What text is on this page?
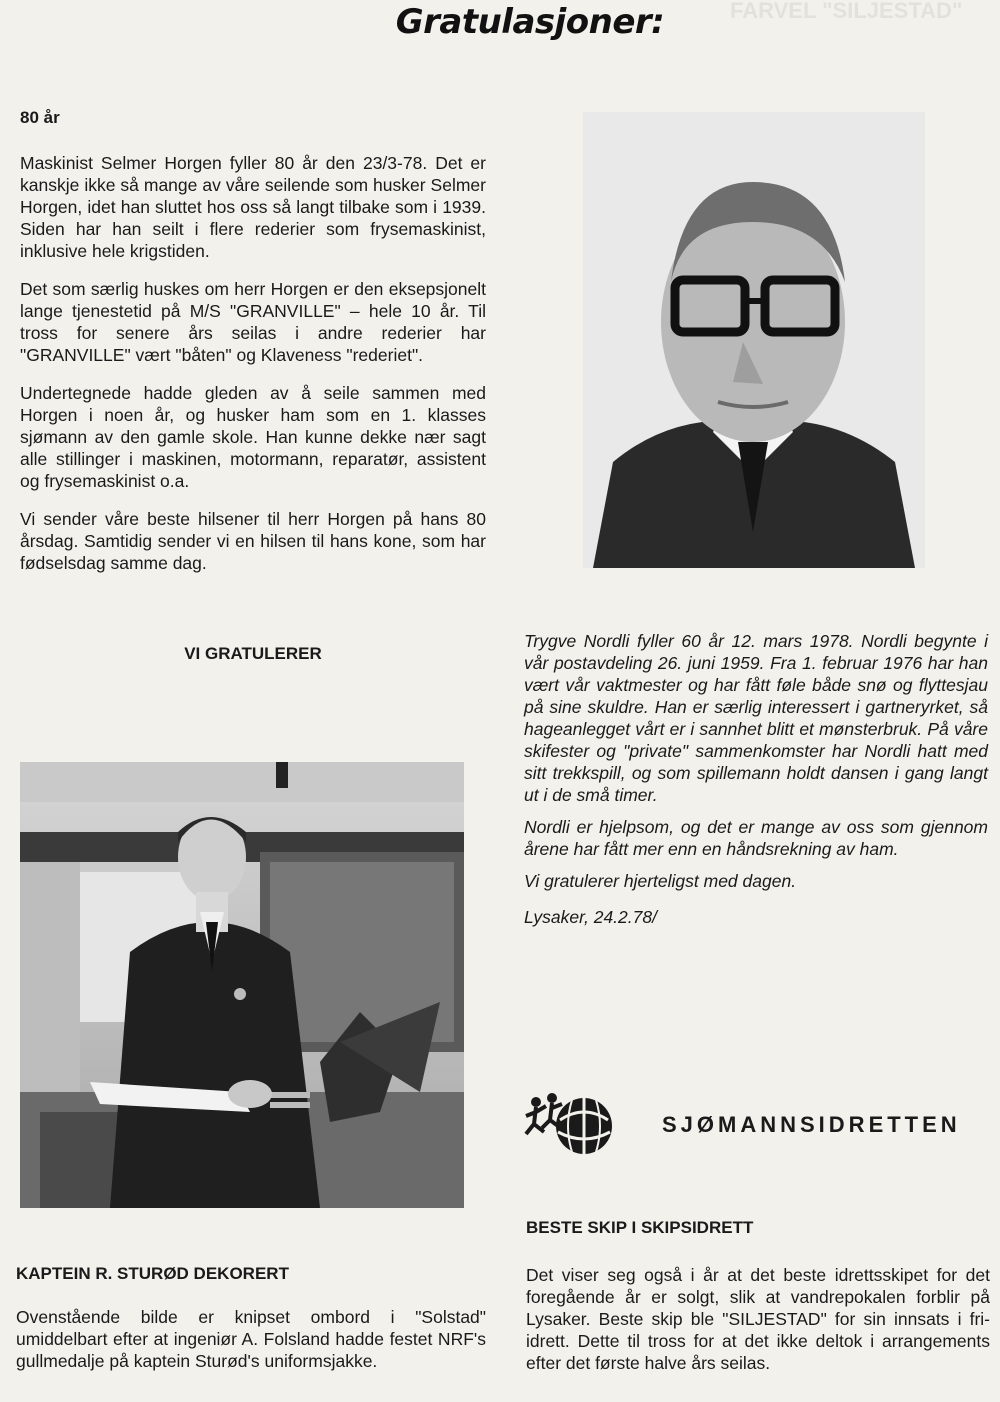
FARVEL "SILJESTAD"
Gratulasjoner:

80 år

Maskinist Selmer Horgen fyller 80 år den 23/3-78. Det er kanskje ikke så mange av våre seilende som husker Selmer Horgen, idet han sluttet hos oss så langt tilbake som i 1939. Siden har han seilt i flere rederier som frysemaskinist, inklusive hele krigstiden.

Det som særlig huskes om herr Horgen er den eksepsjonelt lange tjenestetid på M/S "GRANVILLE" – hele 10 år. Til tross for senere års seilas i andre rederier har "GRANVILLE" vært "båten" og Klaveness "rederiet".

Undertegnede hadde gleden av å seile sammen med Horgen i noen år, og husker ham som en 1. klasses sjømann av den gamle skole. Han kunne dekke nær sagt alle stillinger i maskinen, motormann, reparatør, assistent og frysemaskinist o.a.

Vi sender våre beste hilsener til herr Horgen på hans 80 årsdag. Samtidig sender vi en hilsen til hans kone, som har fødselsdag samme dag.

VI GRATULERER

KAPTEIN R. STURØD DEKORERT

Ovenstående bilde er knipset ombord i "Solstad" umiddelbart efter at ingeniør A. Folsland hadde festet NRF's gullmedalje på kaptein Sturød's uniformsjakke.

Trygve Nordli fyller 60 år 12. mars 1978. Nordli begynte i vår postavdeling 26. juni 1959. Fra 1. februar 1976 har han vært vår vaktmester og har fått føle både snø og flyttesjau på sine skuldre. Han er særlig interessert i gartneryrket, så hageanlegget vårt er i sannhet blitt et mønsterbruk. På våre skifester og "private" sammenkomster har Nordli hatt med sitt trekkspill, og som spillemann holdt dansen i gang langt ut i de små timer.

Nordli er hjelpsom, og det er mange av oss som gjennom årene har fått mer enn en håndsrekning av ham.

Vi gratulerer hjerteligst med dagen.

Lysaker, 24.2.78/

SJØMANNSIDRETTEN

BESTE SKIP I SKIPSIDRETT

Det viser seg også i år at det beste idrettsskipet for det foregående år er solgt, slik at vandrepokalen forblir på Lysaker. Beste skip ble "SILJESTAD" for sin innsats i fri-idrett. Dette til tross for at det ikke deltok i arrangements efter det første halve års seilas.
